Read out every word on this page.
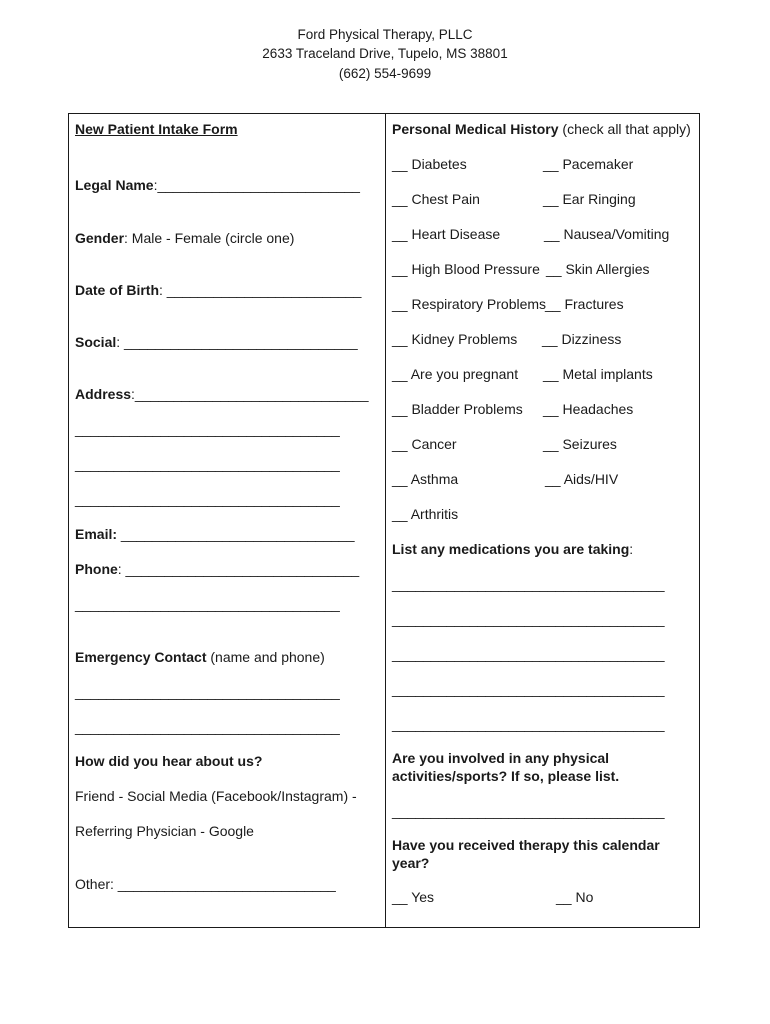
Ford Physical Therapy, PLLC
2633 Traceland Drive, Tupelo, MS 38801
(662) 554-9699
New Patient Intake Form
Legal Name:__________________________
Gender: Male - Female (circle one)
Date of Birth: _________________________
Social: ______________________________
Address:______________________________
__________________________________
__________________________________
__________________________________
Email: ______________________________
Phone: ______________________________
__________________________________
Emergency Contact (name and phone)
__________________________________
__________________________________
How did you hear about us?
Friend - Social Media (Facebook/Instagram) -
Referring Physician - Google
Other: ____________________________
Personal Medical History (check all that apply)
__ Diabetes
__ Chest Pain
__ Heart Disease
__ High Blood Pressure
__ Respiratory Problems
__ Kidney Problems
__ Are you pregnant
__ Bladder Problems
__ Cancer
__ Asthma
__ Arthritis
__ Pacemaker
__ Ear Ringing
__ Nausea/Vomiting
__ Skin Allergies
__ Fractures
__ Dizziness
__ Metal implants
__ Headaches
__ Seizures
__ Aids/HIV
List any medications you are taking:
___________________________________
___________________________________
___________________________________
___________________________________
___________________________________
Are you involved in any physical
activities/sports? If so, please list.
___________________________________
Have you received therapy this calendar
year?
__ Yes	__ No
